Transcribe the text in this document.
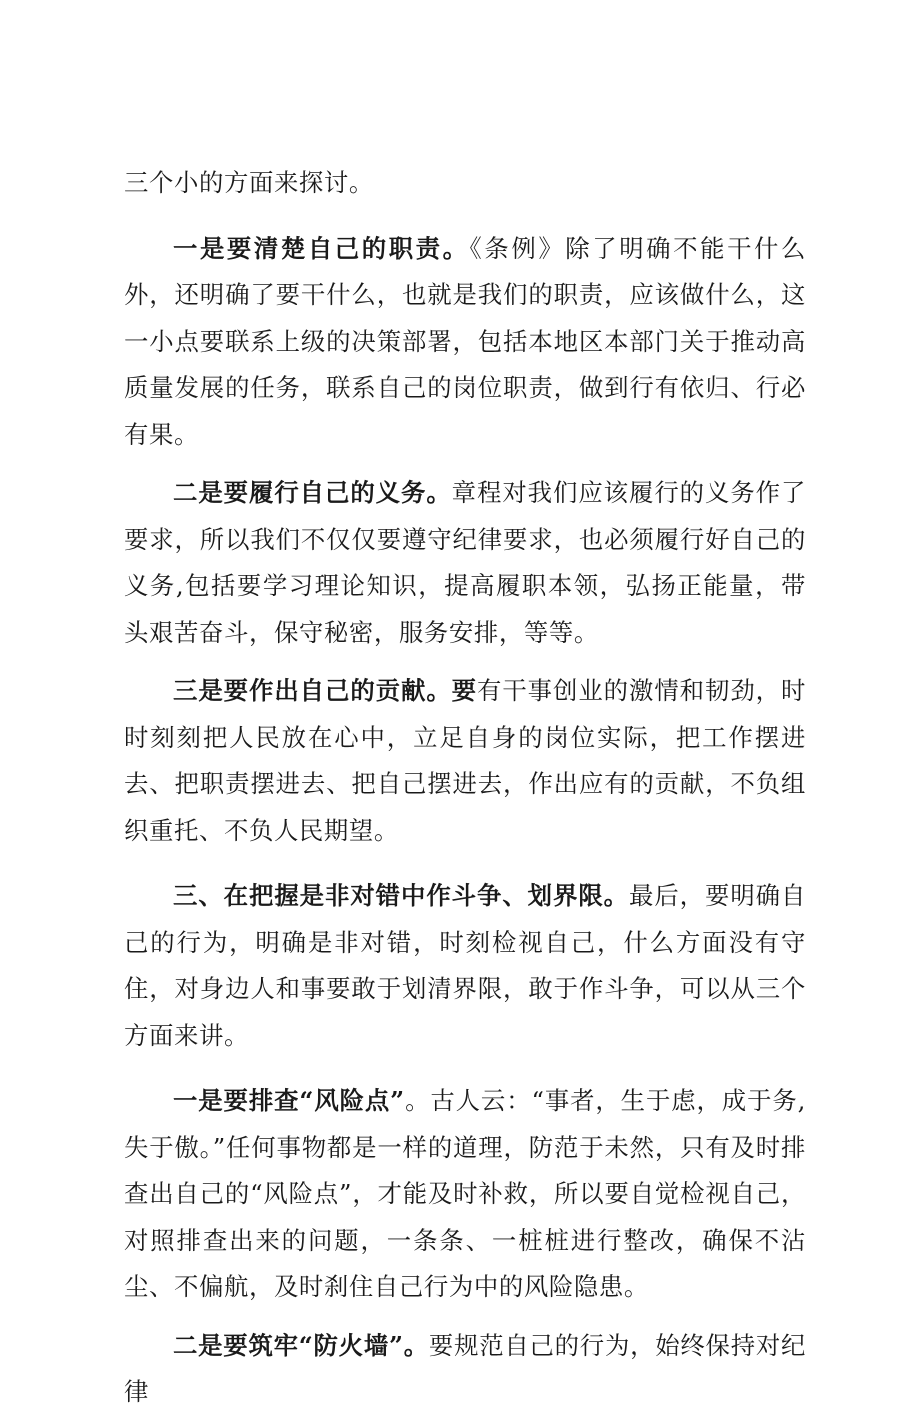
三个小的方面来探讨。

一是要清楚自己的职责。《条例》除了明确不能干什么外，还明确了要干什么，也就是我们的职责，应该做什么，这一小点要联系上级的决策部署，包括本地区本部门关于推动高质量发展的任务，联系自己的岗位职责，做到行有依归、行必有果。

二是要履行自己的义务。章程对我们应该履行的义务作了要求，所以我们不仅仅要遵守纪律要求，也必须履行好自己的义务,包括要学习理论知识，提高履职本领，弘扬正能量，带头艰苦奋斗，保守秘密，服务安排，等等。

三是要作出自己的贡献。要有干事创业的激情和韧劲，时时刻刻把人民放在心中，立足自身的岗位实际，把工作摆进去、把职责摆进去、把自己摆进去，作出应有的贡献，不负组织重托、不负人民期望。

三、在把握是非对错中作斗争、划界限。最后，要明确自己的行为，明确是非对错，时刻检视自己，什么方面没有守住，对身边人和事要敢于划清界限，敢于作斗争，可以从三个方面来讲。

一是要排查“风险点”。古人云：“事者，生于虑，成于务,失于傲。”任何事物都是一样的道理，防范于未然，只有及时排查出自己的“风险点”，才能及时补救，所以要自觉检视自己，对照排查出来的问题，一条条、一桩桩进行整改，确保不沾尘、不偏航，及时刹住自己行为中的风险隐患。

二是要筑牢“防火墙”。要规范自己的行为，始终保持对纪律
